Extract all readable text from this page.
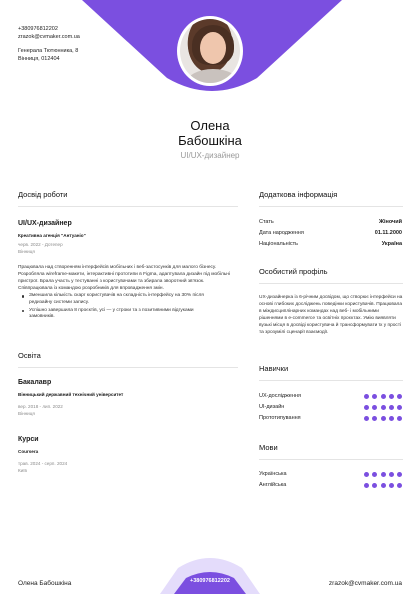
+380976812202
zrazok@cvmaker.com.ua
Генерала Тютюнника, 8
Вінниця, 012404
Олена
Бабошкіна
UI/UX-дизайнер
Досвід роботи
UI/UX-дизайнер
Креативна агенція "Антуаніо"
черв. 2022 - Дотепер
Вінниця
Працювала над створенням інтерфейсів мобільних і веб-застосунків для малого бізнесу. Розробляла wireframe-макети, інтерактивні прототипи в Figma, адаптувала дизайн під мобільні пристрої. Брала участь у тестуванні з користувачами та збирала зворотний зв'язок. Співпрацювала із командою розробників для впровадження змін.
Зменшила кількість скарг користувачів на складність інтерфейсу на 30% після редизайну системи запису.
Успішно завершила 8 проєктів, усі — у строки та з позитивними відгуками замовників.
Освіта
Бакалавр
Вінницький державний технічний університет
вер. 2018 - лип. 2022
Вінниця
Курси
Coursera
трав. 2024 - серп. 2024
Київ
Додаткова інформація
Стать	Жіночий
Дата народження	01.11.2000
Національність	Україна
Особистий профіль
UX-дизайнерка із 6-річним досвідом, що створює інтерфейси на основі глибоких досліджень поведінки користувачів. Працювала в міждисциплінарних командах над веб- і мобільними рішеннями в e-commerce та освітніх проєктах. Умію виявляти вузькі місця в досвіді користувача й трансформувати їх у прості та зрозумілі сценарії взаємодії.
Навички
UX-дослідження
UI-дизайн
Прототипування
Мови
Українська
Англійська
Олена Бабошкіна	+380976812202	zrazok@cvmaker.com.ua
